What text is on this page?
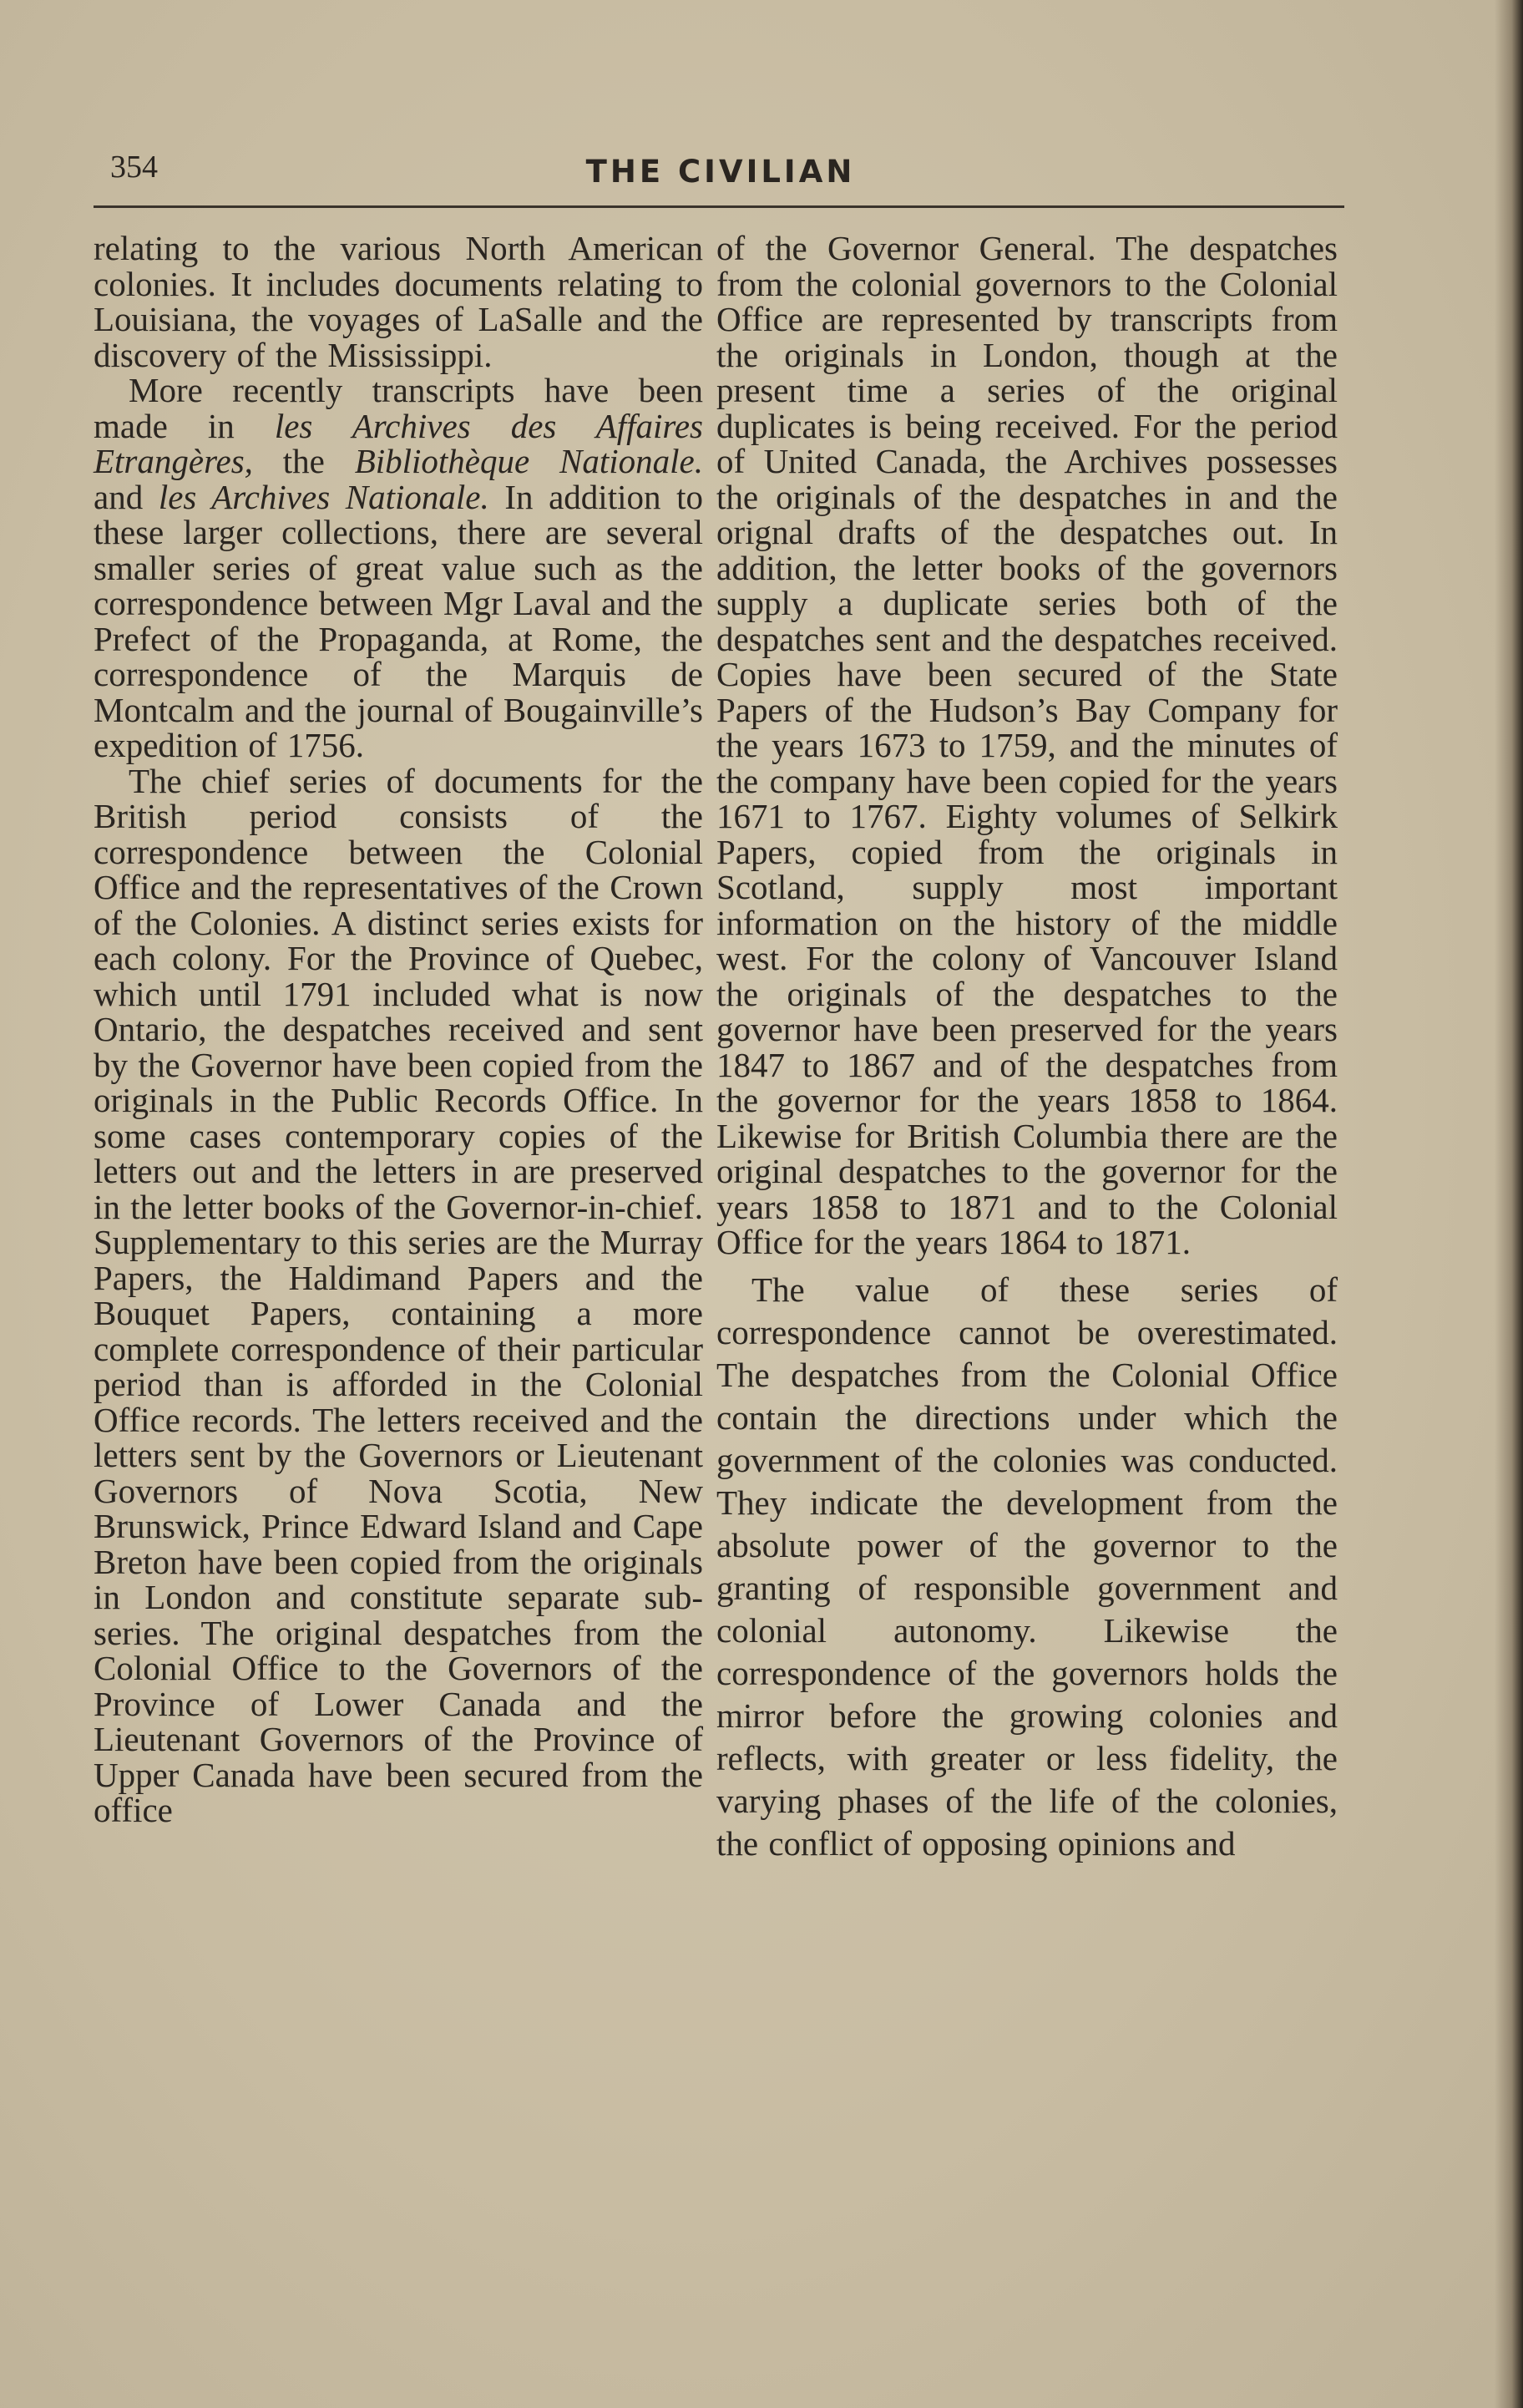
354	THE CIVILIAN

relating to the various North American colonies. It includes documents relating to Louisiana, the voyages of LaSalle and the discovery of the Mississippi.

More recently transcripts have been made in les Archives des Affaires Etrangères, the Bibliothèque Nationale. and les Archives Nationale. In addition to these larger collections, there are several smaller series of great value such as the correspondence between Mgr Laval and the Prefect of the Propaganda, at Rome, the correspondence of the Marquis de Montcalm and the journal of Bougainville’s expedition of 1756.

The chief series of documents for the British period consists of the correspondence between the Colonial Office and the representatives of the Crown of the Colonies. A distinct series exists for each colony. For the Province of Quebec, which until 1791 included what is now Ontario, the despatches received and sent by the Governor have been copied from the originals in the Public Records Office. In some cases contemporary copies of the letters out and the letters in are preserved in the letter books of the Governor-in-chief. Supplementary to this series are the Murray Papers, the Haldimand Papers and the Bouquet Papers, containing a more complete correspondence of their particular period than is afforded in the Colonial Office records. The letters received and the letters sent by the Governors or Lieutenant Governors of Nova Scotia, New Brunswick, Prince Edward Island and Cape Breton have been copied from the originals in London and constitute separate sub-series. The original despatches from the Colonial Office to the Governors of the Province of Lower Canada and the Lieutenant Governors of the Province of Upper Canada have been secured from the office

of the Governor General. The despatches from the colonial governors to the Colonial Office are represented by transcripts from the originals in London, though at the present time a series of the original duplicates is being received. For the period of United Canada, the Archives possesses the originals of the despatches in and the orignal drafts of the despatches out. In addition, the letter books of the governors supply a duplicate series both of the despatches sent and the despatches received. Copies have been secured of the State Papers of the Hudson’s Bay Company for the years 1673 to 1759, and the minutes of the company have been copied for the years 1671 to 1767. Eighty volumes of Selkirk Papers, copied from the originals in Scotland, supply most important information on the history of the middle west. For the colony of Vancouver Island the originals of the despatches to the governor have been preserved for the years 1847 to 1867 and of the despatches from the governor for the years 1858 to 1864. Likewise for British Columbia there are the original despatches to the governor for the years 1858 to 1871 and to the Colonial Office for the years 1864 to 1871.

The value of these series of correspondence cannot be overestimated. The despatches from the Colonial Office contain the directions under which the government of the colonies was conducted. They indicate the development from the absolute power of the governor to the granting of responsible government and colonial autonomy. Likewise the correspondence of the governors holds the mirror before the growing colonies and reflects, with greater or less fidelity, the varying phases of the life of the colonies, the conflict of opposing opinions and
